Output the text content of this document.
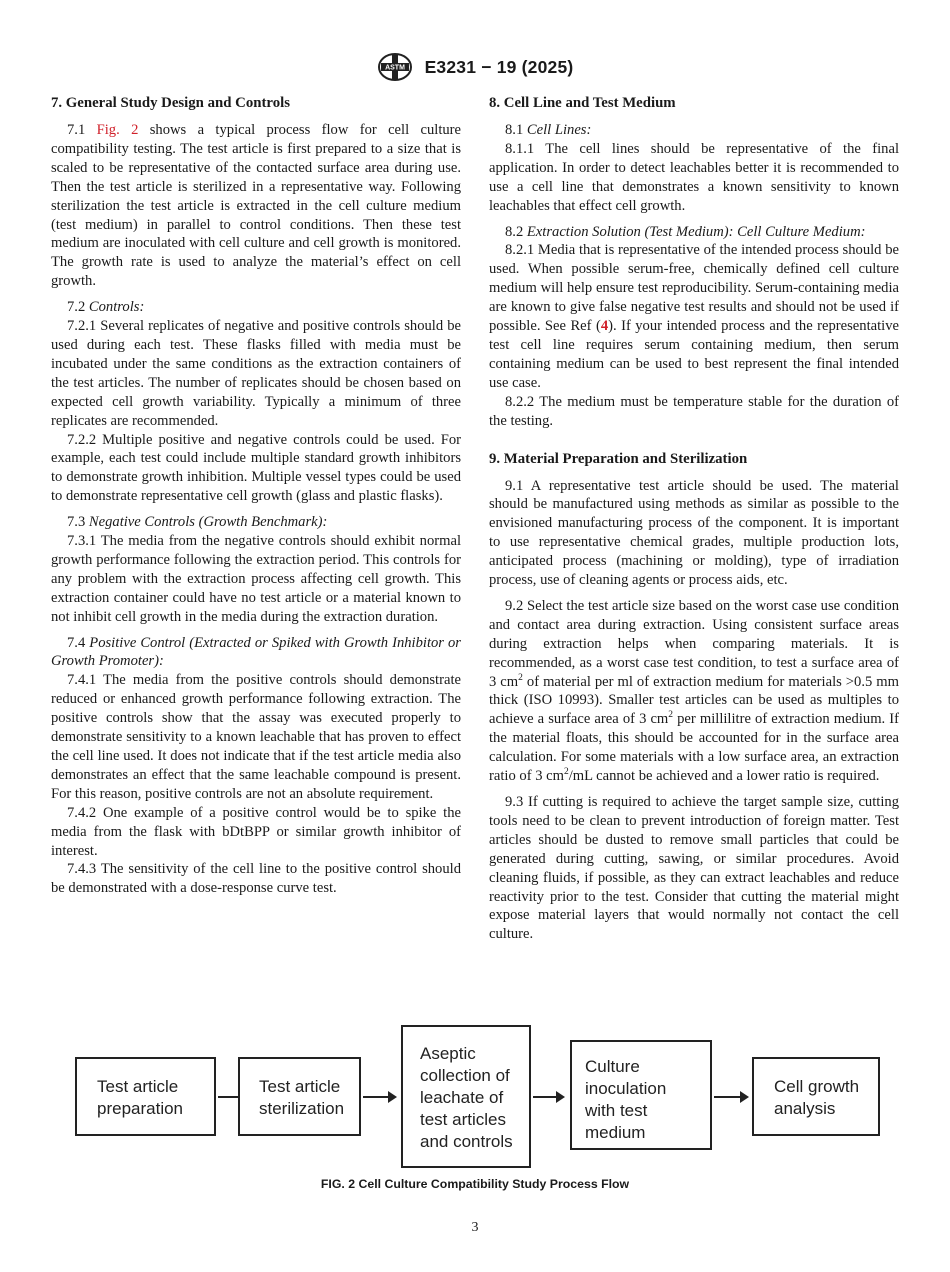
ASTM E3231 − 19 (2025)
7. General Study Design and Controls

7.1 Fig. 2 shows a typical process flow for cell culture compatibility testing. The test article is first prepared to a size that is scaled to be representative of the contacted surface area during use. Then the test article is sterilized in a representative way. Following sterilization the test article is extracted in the cell culture medium (test medium) in parallel to control conditions. Then these test medium are inoculated with cell culture and cell growth is monitored. The growth rate is used to analyze the material’s effect on cell growth.

7.2 Controls:

7.2.1 Several replicates of negative and positive controls should be used during each test. These flasks filled with media must be incubated under the same conditions as the extraction containers of the test articles. The number of replicates should be chosen based on expected cell growth variability. Typically a minimum of three replicates are recommended.

7.2.2 Multiple positive and negative controls could be used. For example, each test could include multiple standard growth inhibitors to demonstrate growth inhibition. Multiple vessel types could be used to demonstrate representative cell growth (glass and plastic flasks).

7.3 Negative Controls (Growth Benchmark):

7.3.1 The media from the negative controls should exhibit normal growth performance following the extraction period. This controls for any problem with the extraction process affecting cell growth. This extraction container could have no test article or a material known to not inhibit cell growth in the media during the extraction duration.

7.4 Positive Control (Extracted or Spiked with Growth Inhibitor or Growth Promoter):

7.4.1 The media from the positive controls should demonstrate reduced or enhanced growth performance following extraction. The positive controls show that the assay was executed properly to demonstrate sensitivity to a known leachable that has proven to effect the cell line used. It does not indicate that if the test article media also demonstrates an effect that the same leachable compound is present. For this reason, positive controls are not an absolute requirement.

7.4.2 One example of a positive control would be to spike the media from the flask with bDtBPP or similar growth inhibitor of interest.

7.4.3 The sensitivity of the cell line to the positive control should be demonstrated with a dose-response curve test.

8. Cell Line and Test Medium

8.1 Cell Lines:

8.1.1 The cell lines should be representative of the final application. In order to detect leachables better it is recommended to use a cell line that demonstrates a known sensitivity to known leachables that effect cell growth.

8.2 Extraction Solution (Test Medium): Cell Culture Medium:

8.2.1 Media that is representative of the intended process should be used. When possible serum-free, chemically defined cell culture medium will help ensure test reproducibility. Serum-containing media are known to give false negative test results and should not be used if possible. See Ref (4). If your intended process and the representative test cell line requires serum containing medium, then serum containing medium can be used to best represent the final intended use case.

8.2.2 The medium must be temperature stable for the duration of the testing.

9. Material Preparation and Sterilization

9.1 A representative test article should be used. The material should be manufactured using methods as similar as possible to the envisioned manufacturing process of the component. It is important to use representative chemical grades, multiple production lots, anticipated process (machining or molding), type of irradiation process, use of cleaning agents or process aids, etc.

9.2 Select the test article size based on the worst case use condition and contact area during extraction. Using consistent surface areas during extraction helps when comparing materials. It is recommended, as a worst case test condition, to test a surface area of 3 $cm^2$ of material per ml of extraction medium for materials >0.5 mm thick (ISO 10993). Smaller test articles can be used as multiples to achieve a surface area of 3 $cm^2$ per millilitre of extraction medium. If the material floats, this should be accounted for in the surface area calculation. For some materials with a low surface area, an extraction ratio of 3 $cm^2/mL$ cannot be achieved and a lower ratio is required.

9.3 If cutting is required to achieve the target sample size, cutting tools need to be clean to prevent introduction of foreign matter. Test articles should be dusted to remove small particles that could be generated during cutting, sawing, or similar procedures. Avoid cleaning fluids, if possible, as they can extract leachables and reduce reactivity prior to the test. Consider that cutting the material might expose material layers that would normally not contact the cell culture.

Test article
preparation
Test article
sterilization
Aseptic
collection of
leachate of
test articles
and controls
Culture
inoculation
with test
medium
Cell growth
analysis
FIG. 2 Cell Culture Compatibility Study Process Flow
3
